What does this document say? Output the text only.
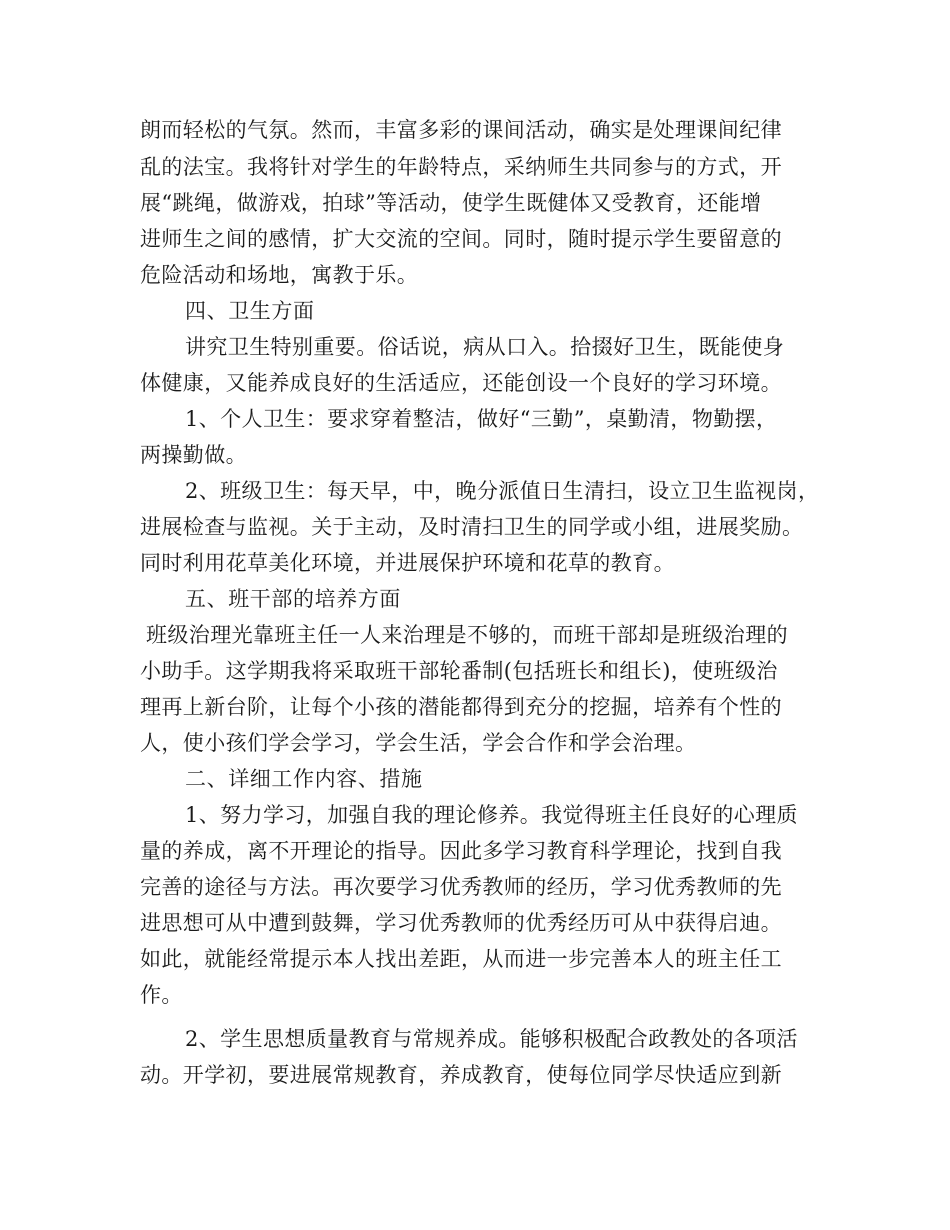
朗而轻松的气氛。然而，丰富多彩的课间活动，确实是处理课间纪律
乱的法宝。我将针对学生的年龄特点，采纳师生共同参与的方式，开
展“跳绳，做游戏，拍球”等活动，使学生既健体又受教育，还能增
进师生之间的感情，扩大交流的空间。同时，随时提示学生要留意的
危险活动和场地，寓教于乐。
四、卫生方面
讲究卫生特别重要。俗话说，病从口入。拾掇好卫生，既能使身
体健康，又能养成良好的生活适应，还能创设一个良好的学习环境。
1、个人卫生：要求穿着整洁，做好“三勤”，桌勤清，物勤摆，
两操勤做。
2、班级卫生：每天早，中，晚分派值日生清扫，设立卫生监视岗，
进展检查与监视。关于主动，及时清扫卫生的同学或小组，进展奖励。
同时利用花草美化环境，并进展保护环境和花草的教育。
五、班干部的培养方面
班级治理光靠班主任一人来治理是不够的，而班干部却是班级治理的
小助手。这学期我将采取班干部轮番制(包括班长和组长)，使班级治
理再上新台阶，让每个小孩的潜能都得到充分的挖掘，培养有个性的
人，使小孩们学会学习，学会生活，学会合作和学会治理。
二、详细工作内容、措施
1、努力学习，加强自我的理论修养。我觉得班主任良好的心理质
量的养成，离不开理论的指导。因此多学习教育科学理论，找到自我
完善的途径与方法。再次要学习优秀教师的经历，学习优秀教师的先
进思想可从中遭到鼓舞，学习优秀教师的优秀经历可从中获得启迪。
如此，就能经常提示本人找出差距，从而进一步完善本人的班主任工
作。
2、学生思想质量教育与常规养成。能够积极配合政教处的各项活
动。开学初，要进展常规教育，养成教育，使每位同学尽快适应到新
